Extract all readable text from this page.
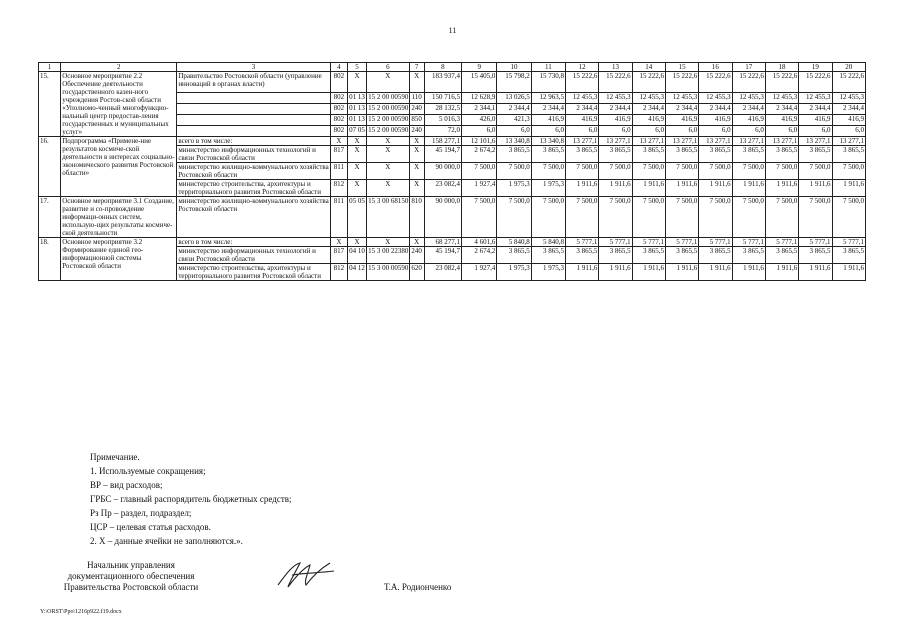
11
1	2	3	4	5	6	7	8	9	10	11	12	13	14	15	16	17	18	19	20
15.	Основное мероприятие 2.2 Обеспечение деятельности государственного казен-ного учреждения Ростов-ской области «Уполномо-ченный многофункцио-нальный центр предостав-ления государственных и муниципальных услуг»	Правительство Ростовской области (управление инноваций в органах власти)	802	X	X	X	183 937,4	15 405,0	15 798,2	15 730,8	15 222,6	15 222,6	15 222,6	15 222,6	15 222,6	15 222,6	15 222,6	15 222,6	15 222,6
			802	01 13	15 2 00 00590	110	150 716,5	12 628,9	13 026,5	12 963,5	12 455,3	12 455,3	12 455,3	12 455,3	12 455,3	12 455,3	12 455,3	12 455,3	12 455,3
			802	01 13	15 2 00 00590	240	28 132,5	2 344,1	2 344,4	2 344,4	2 344,4	2 344,4	2 344,4	2 344,4	2 344,4	2 344,4	2 344,4	2 344,4	2 344,4
			802	01 13	15 2 00 00590	850	5 016,3	426,0	421,3	416,9	416,9	416,9	416,9	416,9	416,9	416,9	416,9	416,9	416,9
			802	07 05	15 2 00 00590	240	72,0	6,0	6,0	6,0	6,0	6,0	6,0	6,0	6,0	6,0	6,0	6,0	6,0
16.	Подпрограмма «Примене-ние результатов космиче-ской деятельности в интересах социально-экономического развития Ростовской области»	всего в том числе:	X	X	X	X	158 277,1	12 101,6	13 340,8	13 340,8	13 277,1	13 277,1	13 277,1	13 277,1	13 277,1	13 277,1	13 277,1	13 277,1	13 277,1
		министерство информационных технологий и связи Ростовской области	817	X	X	X	45 194,7	2 674,2	3 865,5	3 865,5	3 865,5	3 865,5	3 865,5	3 865,5	3 865,5	3 865,5	3 865,5	3 865,5	3 865,5
		министерство жилищно-коммунального хозяйства Ростовской области	811	X	X	X	90 000,0	7 500,0	7 500,0	7 500,0	7 500,0	7 500,0	7 500,0	7 500,0	7 500,0	7 500,0	7 500,0	7 500,0	7 500,0
		министерство строительства, архитектуры и территориального развития Ростовской области	812	X	X	X	23 082,4	1 927,4	1 975,3	1 975,3	1 911,6	1 911,6	1 911,6	1 911,6	1 911,6	1 911,6	1 911,6	1 911,6	1 911,6
17.	Основное мероприятие 3.1 Создание, развитие и со-провождение информаци-онных систем, использую-щих результаты космиче-ской деятельности	министерство жилищно-коммунального хозяйства Ростовской области	811	05 05	15 3 00 68150	810	90 000,0	7 500,0	7 500,0	7 500,0	7 500,0	7 500,0	7 500,0	7 500,0	7 500,0	7 500,0	7 500,0	7 500,0	7 500,0
18.	Основное мероприятие 3.2 Формирование единой гео-информационной системы Ростовской области	всего в том числе:	X	X	X	X	68 277,1	4 601,6	5 840,8	5 840,8	5 777,1	5 777,1	5 777,1	5 777,1	5 777,1	5 777,1	5 777,1	5 777,1	5 777,1
		министерство информационных технологий и связи Ростовской области	817	04 10	15 3 00 22380	240	45 194,7	2 674,2	3 865,5	3 865,5	3 865,5	3 865,5	3 865,5	3 865,5	3 865,5	3 865,5	3 865,5	3 865,5	3 865,5
		министерство строительства, архитектуры и территориального развития Ростовской области	812	04 12	15 3 00 00590	620	23 082,4	1 927,4	1 975,3	1 975,3	1 911,6	1 911,6	1 911,6	1 911,6	1 911,6	1 911,6	1 911,6	1 911,6	1 911,6
Примечание.
1. Используемые сокращения;
ВР – вид расходов;
ГРБС – главный распорядитель бюджетных средств;
Рз Пр – раздел, подраздел;
ЦСР – целевая статья расходов.
2. Х – данные ячейки не заполняются.».
Начальник управления
документационного обеспечения
Правительства Ростовской области	Т.А. Родионченко
Y:\ORST\Ppo\1216p922.f19.docx
